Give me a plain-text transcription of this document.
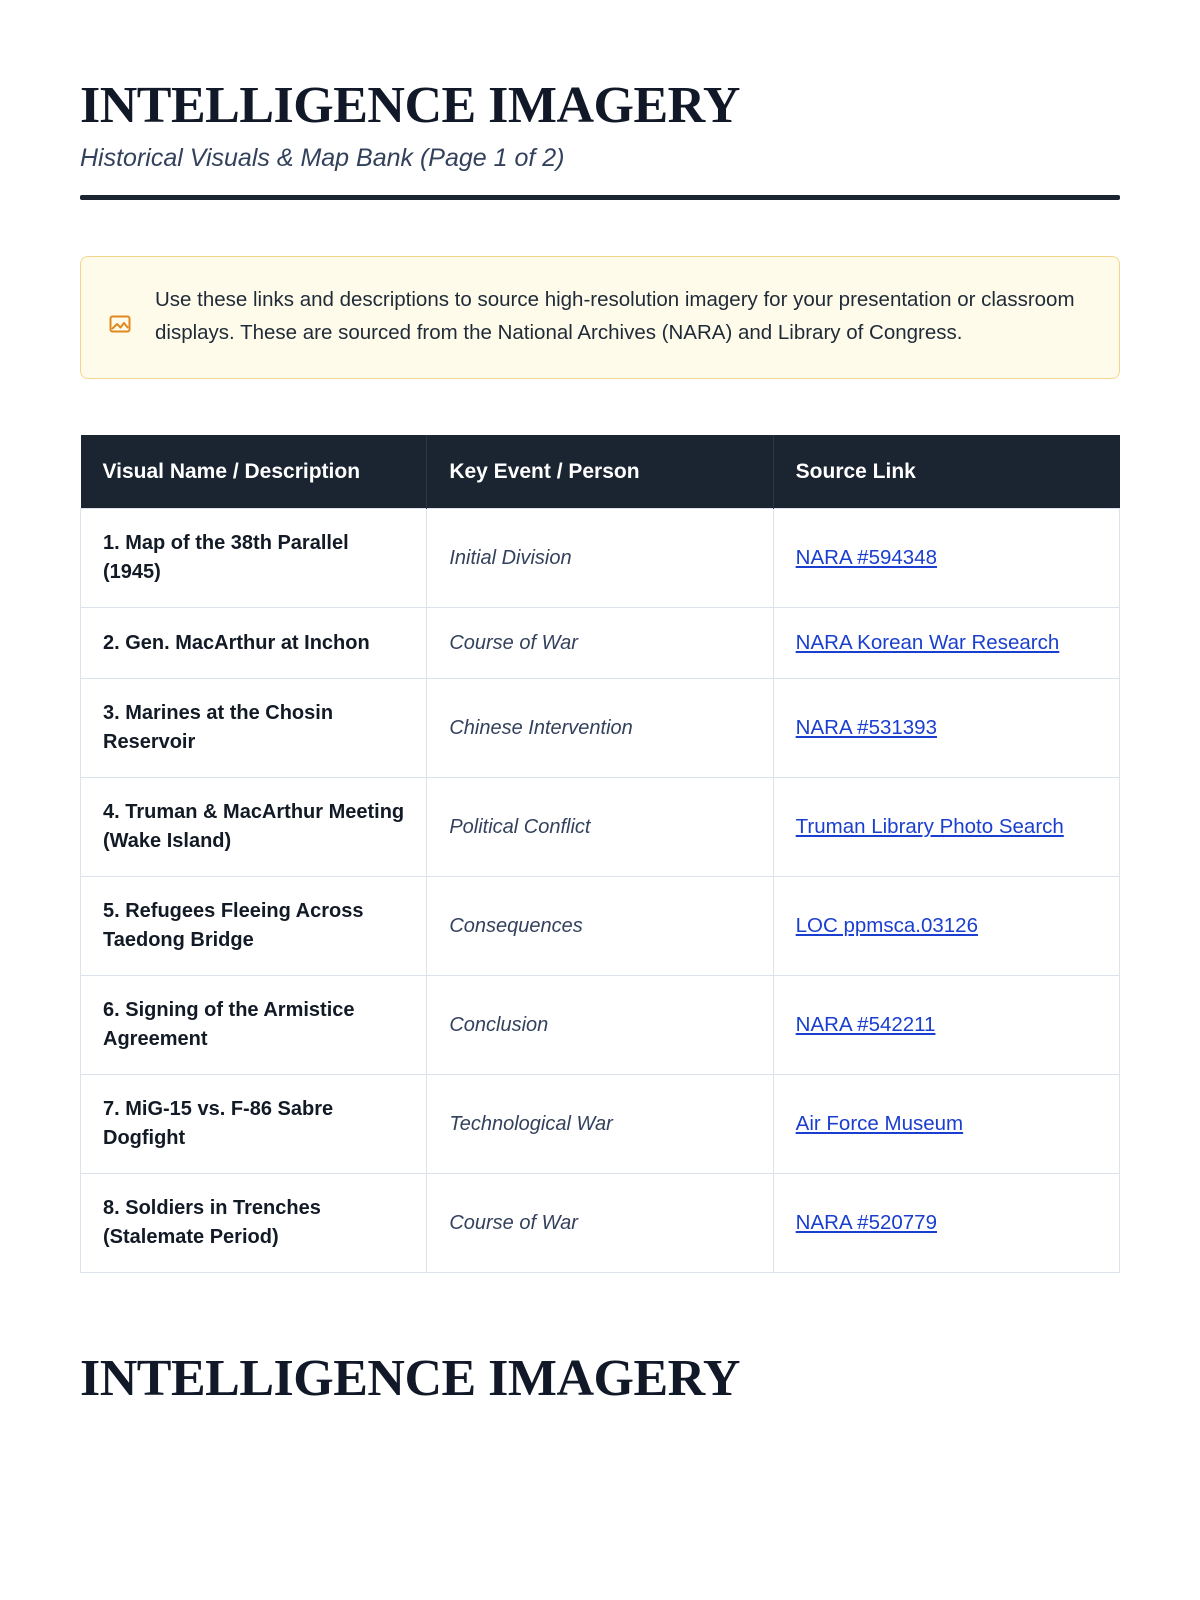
INTELLIGENCE IMAGERY
Historical Visuals & Map Bank (Page 1 of 2)
Use these links and descriptions to source high-resolution imagery for your presentation or classroom displays. These are sourced from the National Archives (NARA) and Library of Congress.
Visual Name / Description	Key Event / Person	Source Link
1. Map of the 38th Parallel (1945)	Initial Division	NARA #594348
2. Gen. MacArthur at Inchon	Course of War	NARA Korean War Research
3. Marines at the Chosin Reservoir	Chinese Intervention	NARA #531393
4. Truman & MacArthur Meeting (Wake Island)	Political Conflict	Truman Library Photo Search
5. Refugees Fleeing Across Taedong Bridge	Consequences	LOC ppmsca.03126
6. Signing of the Armistice Agreement	Conclusion	NARA #542211
7. MiG-15 vs. F-86 Sabre Dogfight	Technological War	Air Force Museum
8. Soldiers in Trenches (Stalemate Period)	Course of War	NARA #520779
INTELLIGENCE IMAGERY
